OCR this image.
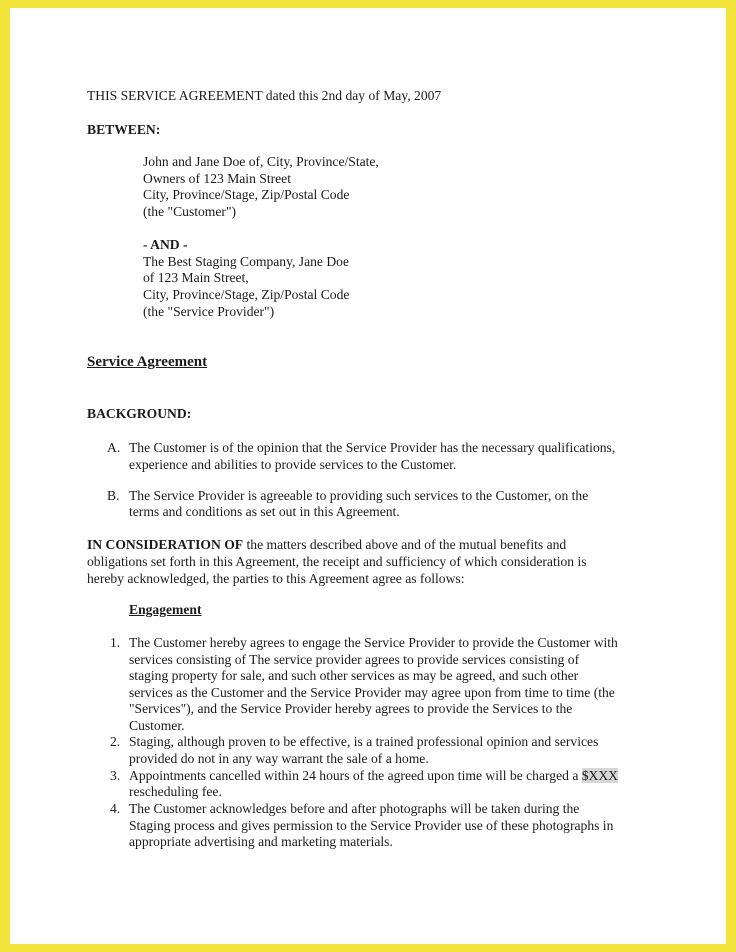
THIS SERVICE AGREEMENT dated this 2nd day of May, 2007
BETWEEN:
John and Jane Doe of, City, Province/State,
Owners of 123 Main Street
City, Province/Stage, Zip/Postal Code
(the "Customer")
- AND -
The Best Staging Company, Jane Doe
of 123 Main Street,
City, Province/Stage, Zip/Postal Code
(the "Service Provider")
Service Agreement
BACKGROUND:
A. The Customer is of the opinion that the Service Provider has the necessary qualifications,
experience and abilities to provide services to the Customer.
B. The Service Provider is agreeable to providing such services to the Customer, on the
terms and conditions as set out in this Agreement.
IN CONSIDERATION OF the matters described above and of the mutual benefits and
obligations set forth in this Agreement, the receipt and sufficiency of which consideration is
hereby acknowledged, the parties to this Agreement agree as follows:
Engagement
1. The Customer hereby agrees to engage the Service Provider to provide the Customer with
services consisting of The service provider agrees to provide services consisting of
staging property for sale, and such other services as may be agreed, and such other
services as the Customer and the Service Provider may agree upon from time to time (the
"Services"), and the Service Provider hereby agrees to provide the Services to the
Customer.
2. Staging, although proven to be effective, is a trained professional opinion and services
provided do not in any way warrant the sale of a home.
3. Appointments cancelled within 24 hours of the agreed upon time will be charged a $XXX
rescheduling fee.
4. The Customer acknowledges before and after photographs will be taken during the
Staging process and gives permission to the Service Provider use of these photographs in
appropriate advertising and marketing materials.
